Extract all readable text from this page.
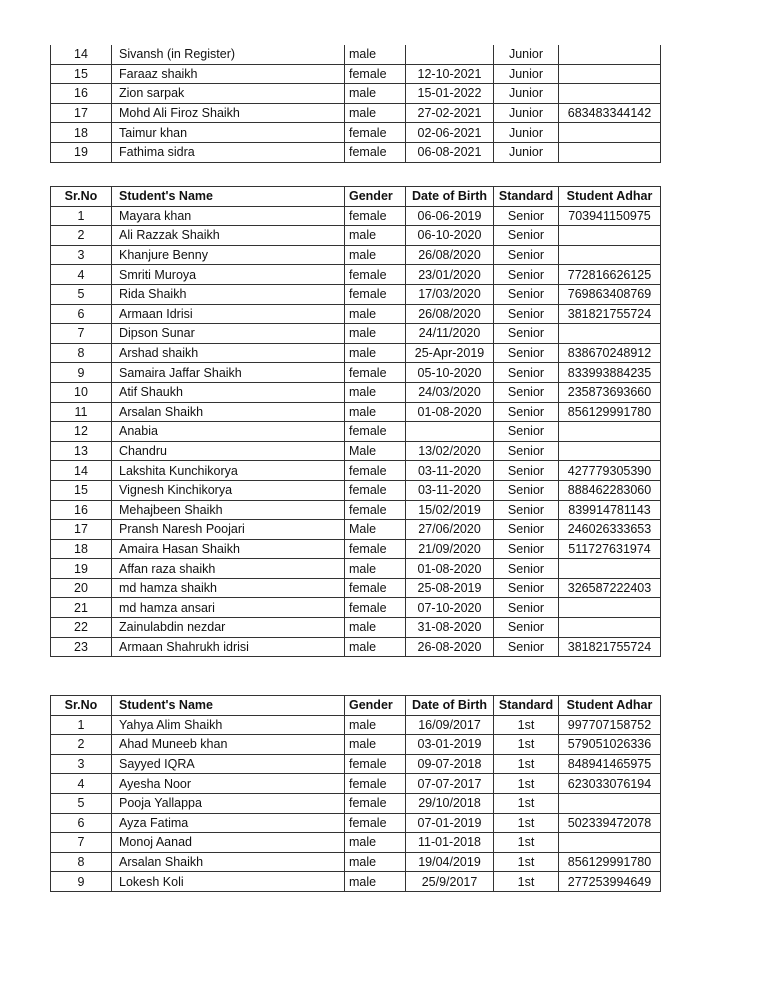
14	Sivansh (in Register)	male		Junior	
15	Faraaz shaikh	female	12-10-2021	Junior	
16	Zion sarpak	male	15-01-2022	Junior	
17	Mohd Ali Firoz Shaikh	male	27-02-2021	Junior	683483344142
18	Taimur khan	female	02-06-2021	Junior	
19	Fathima sidra	female	06-08-2021	Junior	
Sr.No	Student's Name	Gender	Date of Birth	Standard	Student Adhar
1	Mayara khan	female	06-06-2019	Senior	703941150975
2	Ali Razzak Shaikh	male	06-10-2020	Senior	
3	Khanjure Benny	male	26/08/2020	Senior	
4	Smriti Muroya	female	23/01/2020	Senior	772816626125
5	Rida Shaikh	female	17/03/2020	Senior	769863408769
6	Armaan Idrisi	male	26/08/2020	Senior	381821755724
7	Dipson Sunar	male	24/11/2020	Senior	
8	Arshad shaikh	male	25-Apr-2019	Senior	838670248912
9	Samaira Jaffar Shaikh	female	05-10-2020	Senior	833993884235
10	Atif Shaukh	male	24/03/2020	Senior	235873693660
11	Arsalan Shaikh	male	01-08-2020	Senior	856129991780
12	Anabia	female		Senior	
13	Chandru	Male	13/02/2020	Senior	
14	Lakshita Kunchikorya	female	03-11-2020	Senior	427779305390
15	Vignesh Kinchikorya	female	03-11-2020	Senior	888462283060
16	Mehajbeen Shaikh	female	15/02/2019	Senior	839914781143
17	Pransh Naresh Poojari	Male	27/06/2020	Senior	246026333653
18	Amaira Hasan Shaikh	female	21/09/2020	Senior	511727631974
19	Affan raza shaikh	male	01-08-2020	Senior	
20	md hamza shaikh	female	25-08-2019	Senior	326587222403
21	md hamza ansari	female	07-10-2020	Senior	
22	Zainulabdin nezdar	male	31-08-2020	Senior	
23	Armaan Shahrukh idrisi	male	26-08-2020	Senior	381821755724
Sr.No	Student's Name	Gender	Date of Birth	Standard	Student Adhar
1	Yahya Alim Shaikh	male	16/09/2017	1st	997707158752
2	Ahad Muneeb khan	male	03-01-2019	1st	579051026336
3	Sayyed IQRA	female	09-07-2018	1st	848941465975
4	Ayesha Noor	female	07-07-2017	1st	623033076194
5	Pooja Yallappa	female	29/10/2018	1st	
6	Ayza Fatima	female	07-01-2019	1st	502339472078
7	Monoj Aanad	male	11-01-2018	1st	
8	Arsalan Shaikh	male	19/04/2019	1st	856129991780
9	Lokesh Koli	male	25/9/2017	1st	277253994649
